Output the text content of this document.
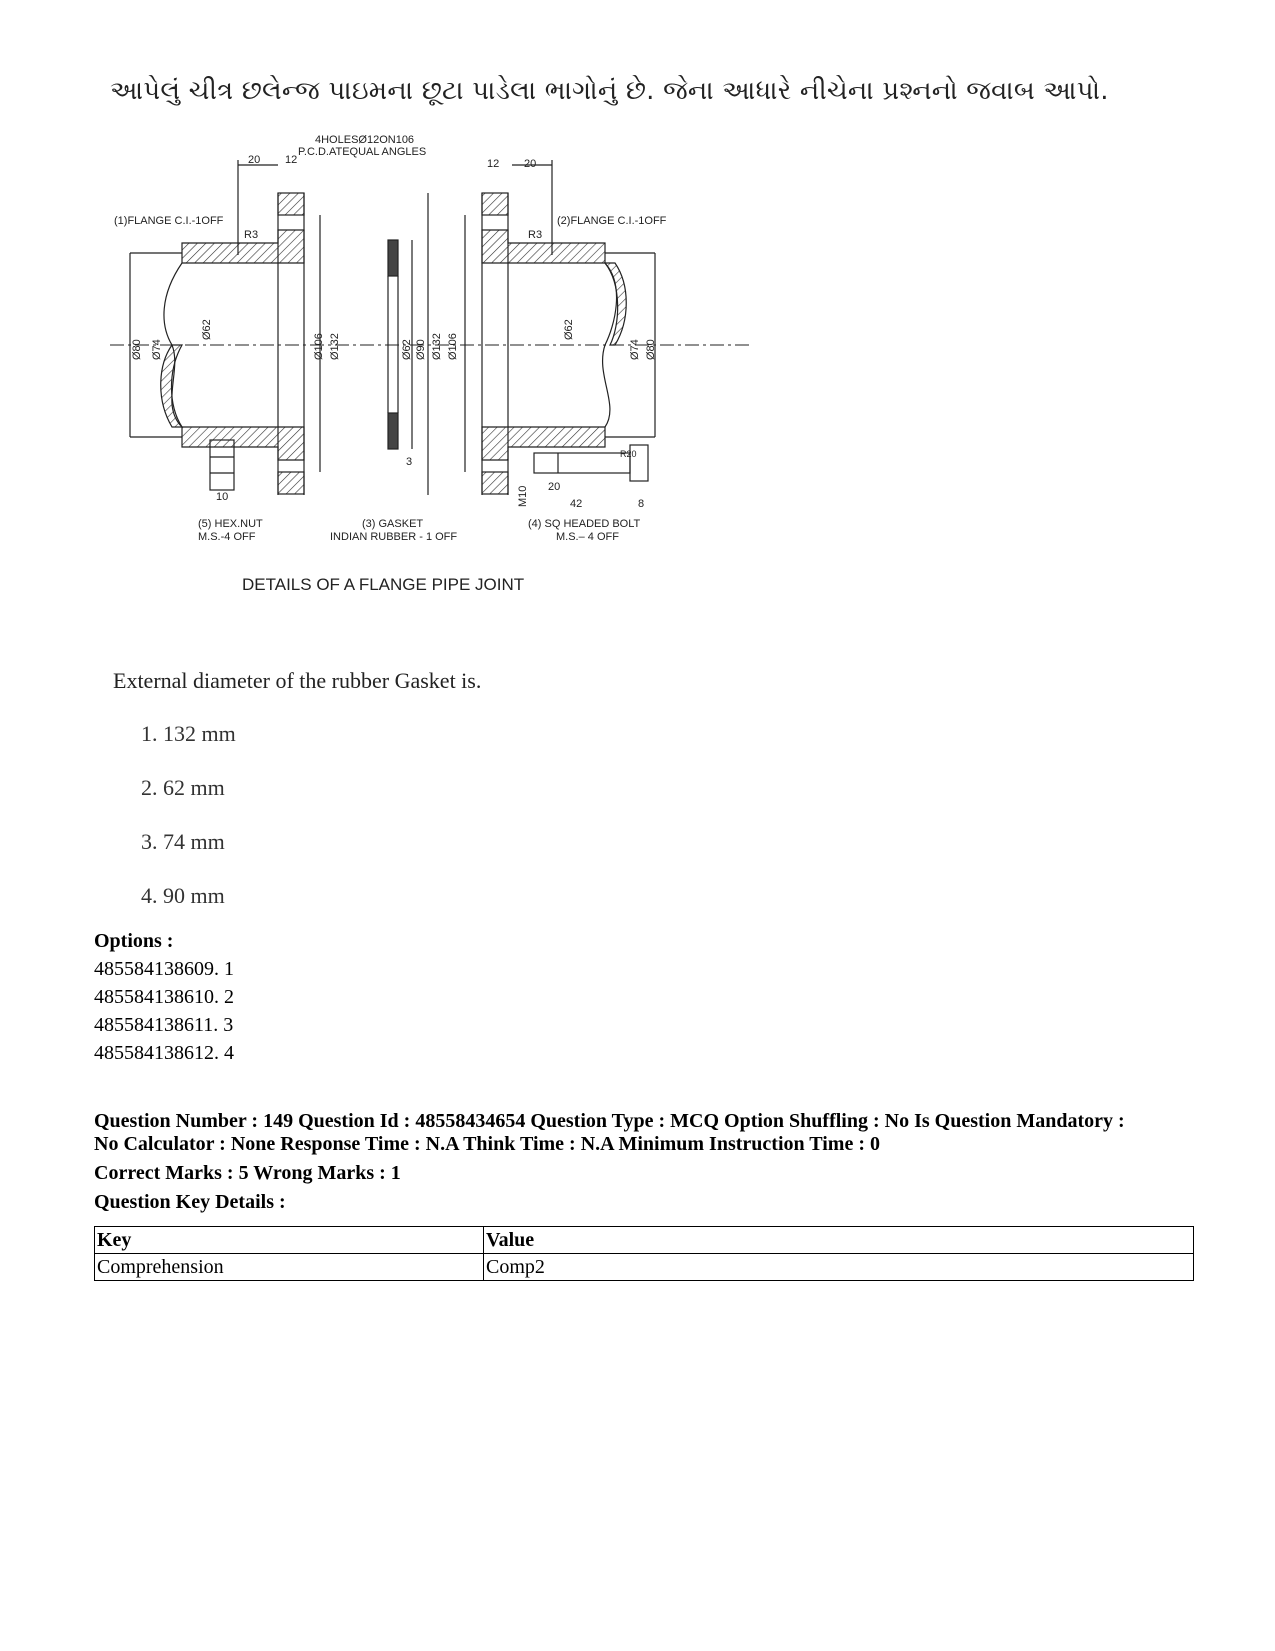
આપેલું ચીત્ર છલેન્જ પાઇમના છૂટા પાડેલા ભાગોનું છે. જેના આધારે નીચેના પ્રશ્નનો જવાબ આપો.
4HOLESØ12ON106
P.C.D.ATEQUAL ANGLES
20 12	12 20
(1)FLANGE C.I.-1OFF	(2)FLANGE C.I.-1OFF
R3	R3
Ø80 Ø74
Ø62
Ø106 Ø132	Ø62 Ø90 Ø132 Ø106
Ø62
Ø74 Ø80
3
10	M10 20
42	8
R20
(5) HEX.NUT
M.S.-4 OFF
(3) GASKET
INDIAN RUBBER - 1 OFF
(4) SQ HEADED BOLT
M.S.– 4 OFF
DETAILS OF A FLANGE PIPE JOINT
External diameter of the rubber Gasket is.
1. 132 mm
2. 62 mm
3. 74 mm
4. 90 mm
Options :
485584138609. 1
485584138610. 2
485584138611. 3
485584138612. 4
Question Number : 149 Question Id : 48558434654 Question Type : MCQ Option Shuffling : No Is Question Mandatory :
No Calculator : None Response Time : N.A Think Time : N.A Minimum Instruction Time : 0
Correct Marks : 5 Wrong Marks : 1
Question Key Details :
Key	Value
Comprehension	Comp2
